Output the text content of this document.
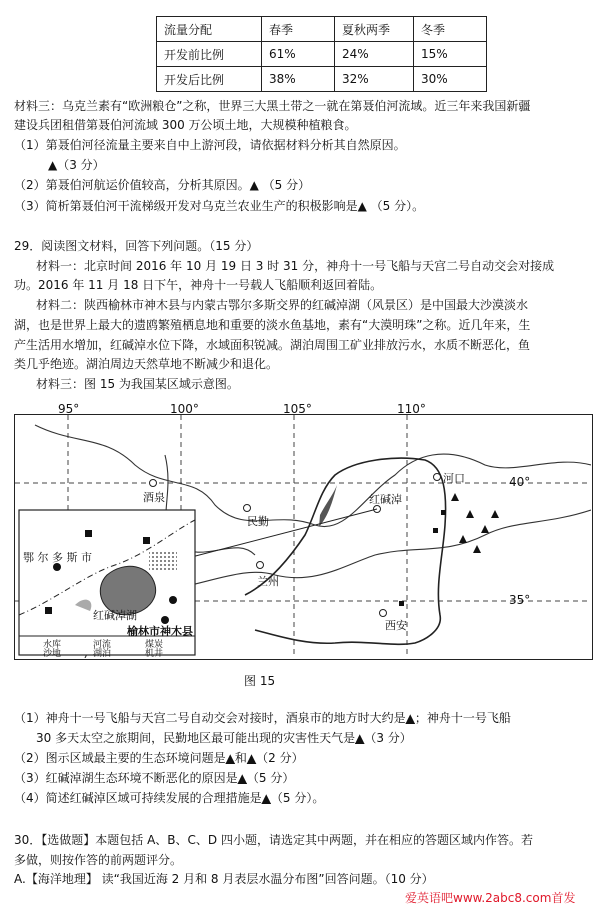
流量分配	春季	夏秋两季	冬季
开发前比例	61%	24%	15%
开发后比例	38%	32%	30%
材料三：乌克兰素有“欧洲粮仓”之称，世界三大黑土带之一就在第聂伯河流域。近三年来我国新疆
建设兵团租借第聂伯河流域 300 万公顷土地，大规模种植粮食。
（1）第聂伯河径流量主要来自中上游河段，请依据材料分析其自然原因。
▲（3 分）
（2）第聂伯河航运价值较高，分析其原因。▲ （5 分）
（3）简析第聂伯河干流梯级开发对乌克兰农业生产的积极影响是▲ （5 分）。
29．阅读图文材料，回答下列问题。（15 分）
材料一：北京时间 2016 年 10 月 19 日 3 时 31 分，神舟十一号飞船与天宫二号自动交会对接成
功。2016 年 11 月 18 日下午，神舟十一号载人飞船顺利返回着陆。
材料二：陕西榆林市神木县与内蒙古鄂尔多斯交界的红碱淖湖（风景区）是中国最大沙漠淡水
湖，也是世界上最大的遗鸥繁殖栖息地和重要的淡水鱼基地，素有“大漠明珠”之称。近几年来，生
产生活用水增加，红碱淖水位下降，水域面积锐减。湖泊周围工矿业排放污水，水质不断恶化，鱼
类几乎绝迹。湖泊周边天然草地不断减少和退化。
材料三：图 15 为我国某区域示意图。
95°	100°	105°	110°
酒泉
民勤
兰州
红碱淖
河口
西安
40°
35°
鄂 尔 多 斯 市
红碱淖湖
榆林市神木县
水库	河流	煤炭
沙地	湖泊	机井
图 15
（1）神舟十一号飞船与天宫二号自动交会对接时，酒泉市的地方时大约是▲；神舟十一号飞船
30 多天太空之旅期间，民勤地区最可能出现的灾害性天气是▲（3 分）
（2）图示区域最主要的生态环境问题是▲和▲（2 分）
（3）红碱淖湖生态环境不断恶化的原因是▲（5 分）
（4）简述红碱淖区域可持续发展的合理措施是▲（5 分）。
30．【选做题】本题包括 A、B、C、D 四小题，请选定其中两题，并在相应的答题区域内作答。若
多做，则按作答的前两题评分。
A.【海洋地理】 读“我国近海 2 月和 8 月表层水温分布图”回答问题。（10 分）
爱英语吧www.2abc8.com首发
